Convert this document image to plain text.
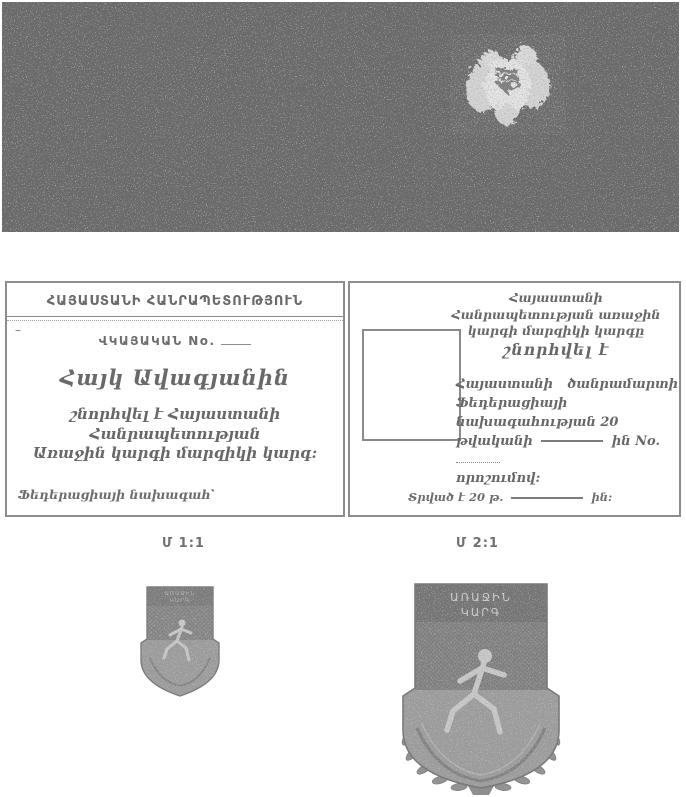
ՀԱՅԱՍՏԱՆԻ ՀԱՆՐԱՊԵՏՈՒԹՅՈՒՆ
–
ՎԿԱՅԱԿԱՆ No.
Հայկ Ավագյանին
շնորհվել է Հայաստանի Հանրապետության
Առաջին կարգի մարզիկի կարգ:
Ֆեդերացիայի նախագահ՝
Հայաստանի
Հանրապետության առաջին
կարգի մարզիկի կարգը
շնորհվել է
Հայաստանի ծանրամարտի
Ֆեդերացիայի նախագահության 20
թվականի	ին No.
որոշումով:
Տրված է 20 թ.	ին:
Մ 1:1	Մ 2:1
ԱՌԱՋԻՆ
ԿԱՐԳ	ԱՌԱՋԻՆ
ԿԱՐԳ
